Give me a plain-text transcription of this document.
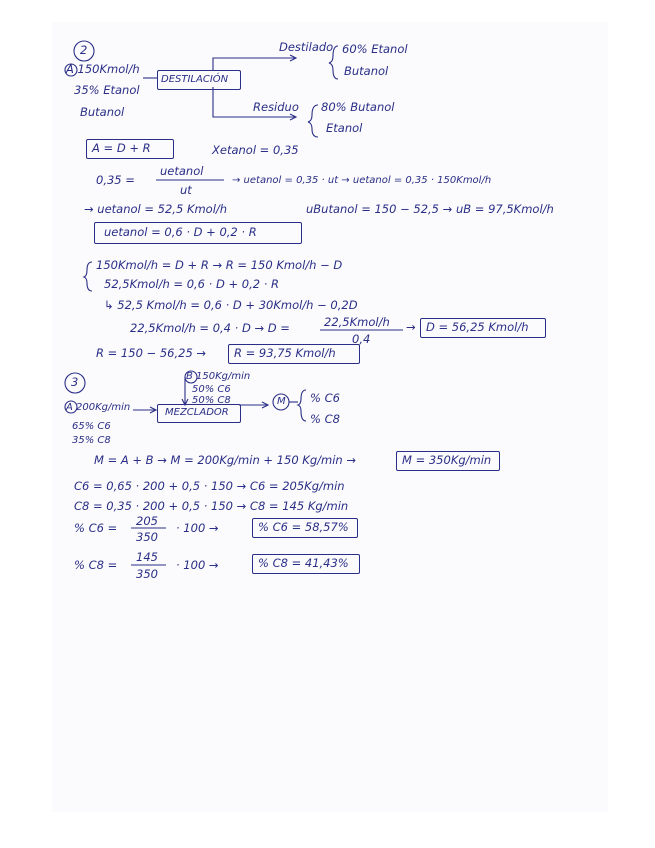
2
A 150Kmol/h
35% Etanol
Butanol
DESTILACIÓN
Destilado 60% Etanol
Butanol
Residuo 80% Butanol
Etanol
A = D + R	Xetanol = 0,35
0,35 =
uetanol
ut
→ uetanol = 0,35 · ut → uetanol = 0,35 · 150Kmol/h
→ uetanol = 52,5 Kmol/h	uButanol = 150 − 52,5 → uB = 97,5Kmol/h
uetanol = 0,6 · D + 0,2 · R
150Kmol/h = D + R → R = 150 Kmol/h − D
52,5Kmol/h = 0,6 · D + 0,2 · R
↳ 52,5 Kmol/h = 0,6 · D + 30Kmol/h − 0,2D
22,5Kmol/h = 0,4 · D → D =	22,5Kmol/h
0,4
→ D = 56,25 Kmol/h
R = 150 − 56,25 → R = 93,75 Kmol/h
3	B 150Kg/min
50% C6
50% C8
A 200Kg/min
65% C6
35% C8
MEZCLADOR
M % C6
% C8
M = A + B → M = 200Kg/min + 150 Kg/min →	M = 350Kg/min
C6 = 0,65 · 200 + 0,5 · 150 → C6 = 205Kg/min
C8 = 0,35 · 200 + 0,5 · 150 → C8 = 145 Kg/min
% C6 = 205
350
· 100 →	% C6 = 58,57%
% C8 =
145
350
· 100 →	% C8 = 41,43%
